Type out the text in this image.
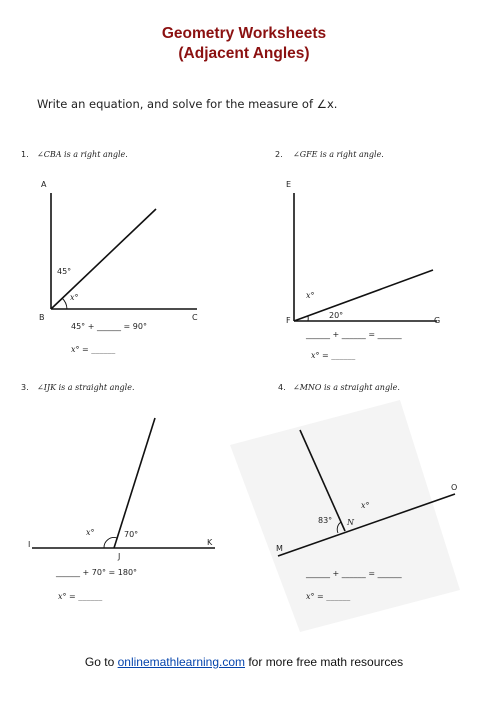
Geometry Worksheets
(Adjacent Angles)
Write an equation, and solve for the measure of ∠x.
1. ∠CBA is a right angle.
A
B	C
45°
x°
45° + ______ = 90°
x° = ______
2. ∠GFE is a right angle.
E
F	G
20°
x°
______ + ______ = ______
x° = ______
3. ∠IJK is a straight angle.
I
J
K
70°
x°
______ + 70° = 180°
x° = ______
4. ∠MNO is a straight angle.
M
N
O
83°
x°
______ + ______ = ______
x° = ______
Go to onlinemathlearning.com for more free math resources
